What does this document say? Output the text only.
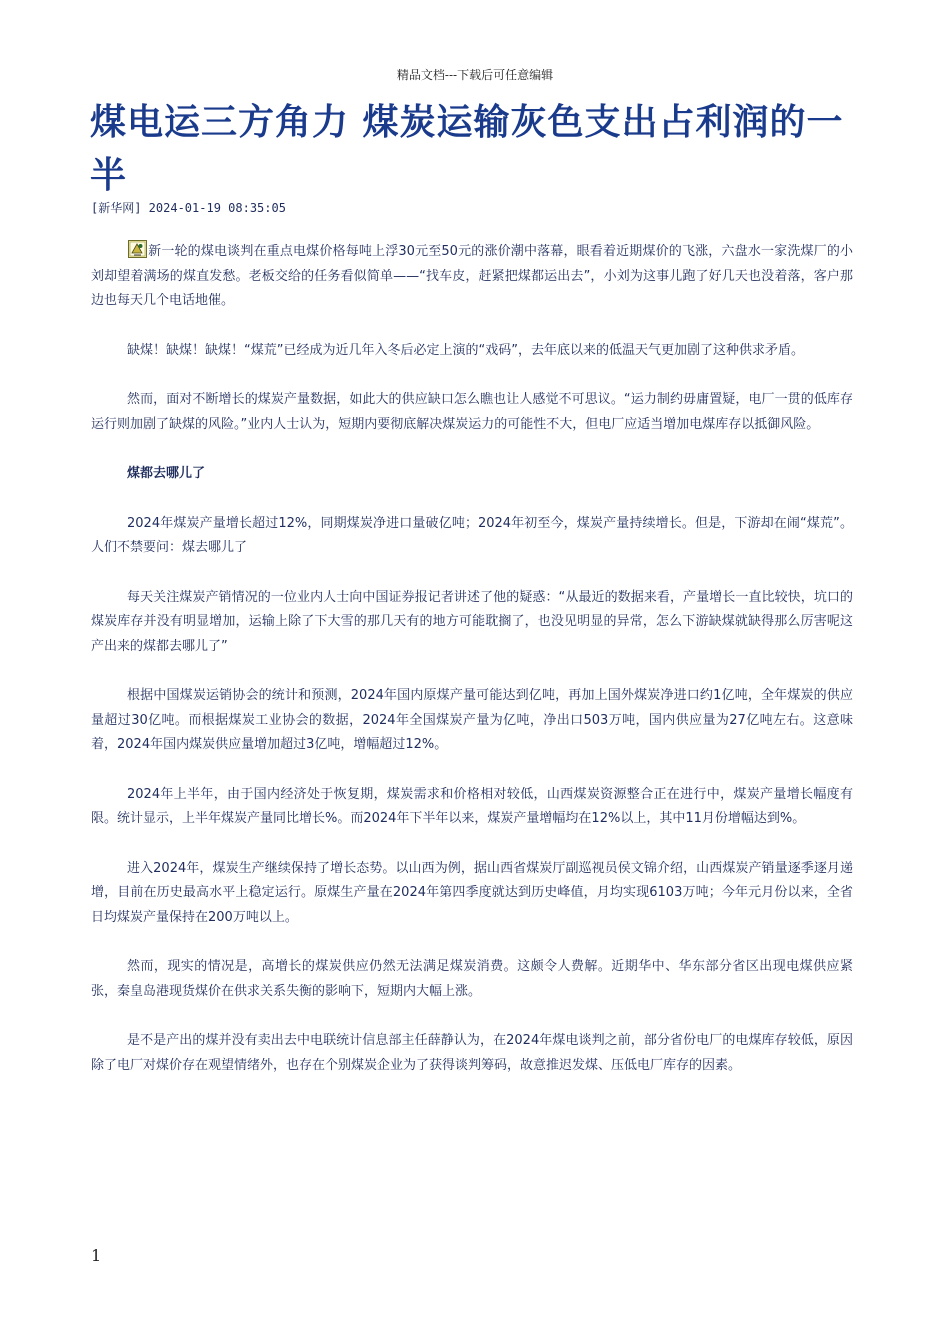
精品文档---下载后可任意编辑
煤电运三方角力 煤炭运输灰色支出占利润的一半
[新华网] 2024-01-19 08:35:05

新一轮的煤电谈判在重点电煤价格每吨上浮30元至50元的涨价潮中落幕，眼看着近期煤价的飞涨，六盘水一家洗煤厂的小刘却望着满场的煤直发愁。老板交给的任务看似简单——“找车皮，赶紧把煤都运出去”，小刘为这事儿跑了好几天也没着落，客户那边也每天几个电话地催。

缺煤！缺煤！缺煤！“煤荒”已经成为近几年入冬后必定上演的“戏码”，去年底以来的低温天气更加剧了这种供求矛盾。

然而，面对不断增长的煤炭产量数据，如此大的供应缺口怎么瞧也让人感觉不可思议。“运力制约毋庸置疑，电厂一贯的低库存运行则加剧了缺煤的风险。”业内人士认为，短期内要彻底解决煤炭运力的可能性不大，但电厂应适当增加电煤库存以抵御风险。

煤都去哪儿了

2024年煤炭产量增长超过12%，同期煤炭净进口量破亿吨；2024年初至今，煤炭产量持续增长。但是，下游却在闹“煤荒”。人们不禁要问：煤去哪儿了

每天关注煤炭产销情况的一位业内人士向中国证券报记者讲述了他的疑惑：“从最近的数据来看，产量增长一直比较快，坑口的煤炭库存并没有明显增加，运输上除了下大雪的那几天有的地方可能耽搁了，也没见明显的异常，怎么下游缺煤就缺得那么厉害呢这产出来的煤都去哪儿了”

根据中国煤炭运销协会的统计和预测，2024年国内原煤产量可能达到亿吨，再加上国外煤炭净进口约1亿吨，全年煤炭的供应量超过30亿吨。而根据煤炭工业协会的数据，2024年全国煤炭产量为亿吨，净出口503万吨，国内供应量为27亿吨左右。这意味着，2024年国内煤炭供应量增加超过3亿吨，增幅超过12%。

2024年上半年，由于国内经济处于恢复期，煤炭需求和价格相对较低，山西煤炭资源整合正在进行中，煤炭产量增长幅度有限。统计显示，上半年煤炭产量同比增长%。而2024年下半年以来，煤炭产量增幅均在12%以上，其中11月份增幅达到%。

进入2024年，煤炭生产继续保持了增长态势。以山西为例，据山西省煤炭厅副巡视员侯文锦介绍，山西煤炭产销量逐季逐月递增，目前在历史最高水平上稳定运行。原煤生产量在2024年第四季度就达到历史峰值，月均实现6103万吨；今年元月份以来，全省日均煤炭产量保持在200万吨以上。

然而，现实的情况是，高增长的煤炭供应仍然无法满足煤炭消费。这颇令人费解。近期华中、华东部分省区出现电煤供应紧张，秦皇岛港现货煤价在供求关系失衡的影响下，短期内大幅上涨。

是不是产出的煤并没有卖出去中电联统计信息部主任薛静认为，在2024年煤电谈判之前，部分省份电厂的电煤库存较低，原因除了电厂对煤价存在观望情绪外，也存在个别煤炭企业为了获得谈判筹码，故意推迟发煤、压低电厂库存的因素。

1
